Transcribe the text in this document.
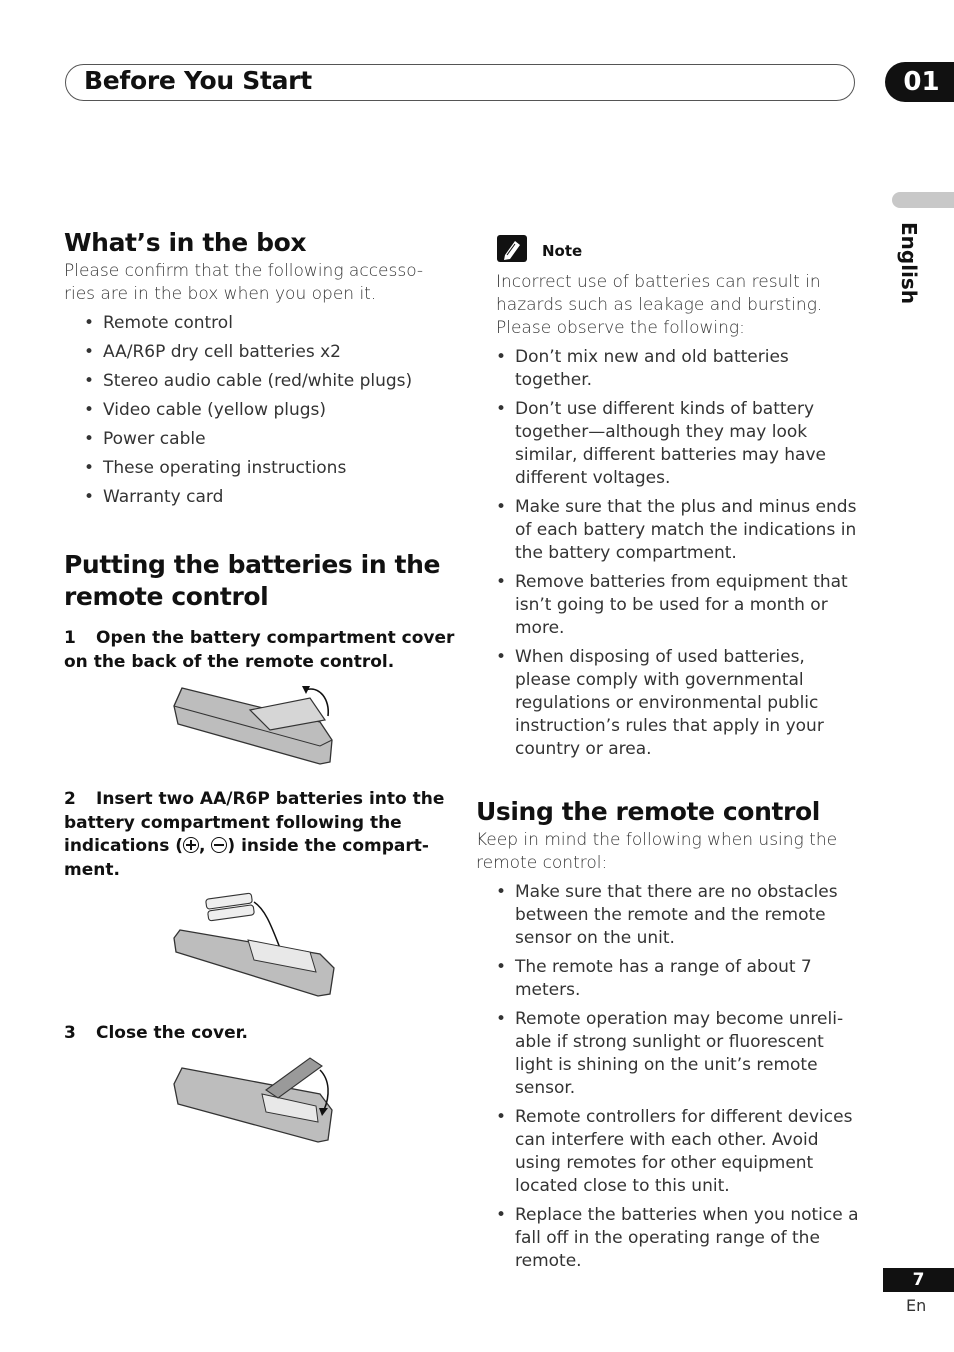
Before You Start	01
English
What’s in the box
Please confirm that the following accesso-
ries are in the box when you open it.
• Remote control
• AA/R6P dry cell batteries x2
• Stereo audio cable (red/white plugs)
• Video cable (yellow plugs)
• Power cable
• These operating instructions
• Warranty card
Putting the batteries in the
remote control
1 Open the battery compartment cover
on the back of the remote control.
2 Insert two AA/R6P batteries into the
battery compartment following the
indications ( , ) inside the compart-
ment.
3 Close the cover.
Note
Incorrect use of batteries can result in
hazards such as leakage and bursting.
Please observe the following:
• Don’t mix new and old batteries
together.
• Don’t use different kinds of battery
together—although they may look
similar, different batteries may have
different voltages.
• Make sure that the plus and minus ends
of each battery match the indications in
the battery compartment.
• Remove batteries from equipment that
isn’t going to be used for a month or
more.
• When disposing of used batteries,
please comply with governmental
regulations or environmental public
instruction’s rules that apply in your
country or area.
Using the remote control
Keep in mind the following when using the
remote control:
• Make sure that there are no obstacles
between the remote and the remote
sensor on the unit.
• The remote has a range of about 7
meters.
• Remote operation may become unreli-
able if strong sunlight or fluorescent
light is shining on the unit’s remote
sensor.
• Remote controllers for different devices
can interfere with each other. Avoid
using remotes for other equipment
located close to this unit.
• Replace the batteries when you notice a
fall off in the operating range of the
remote.
7
En
